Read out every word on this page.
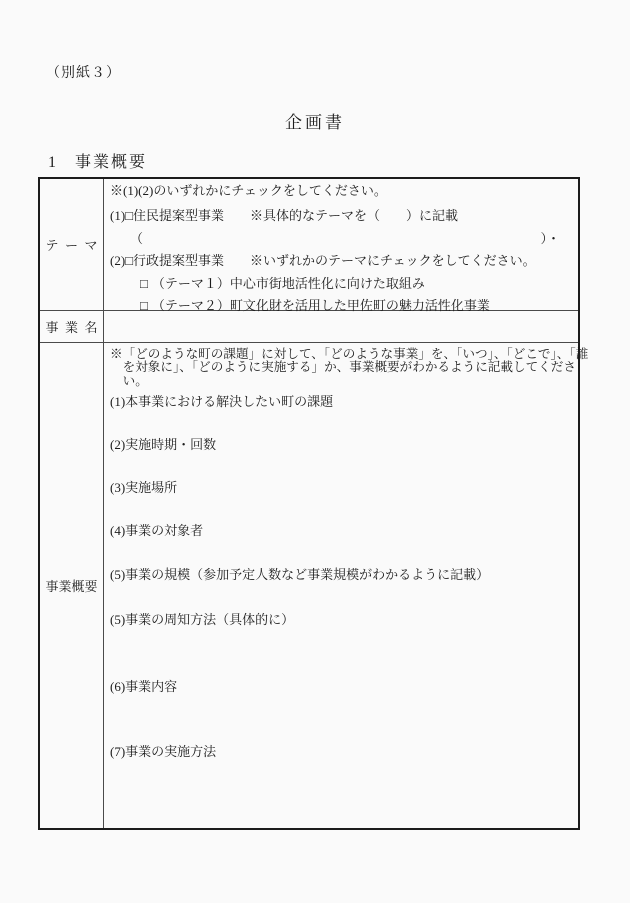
（別紙３）
企画書
1 事業概要
テーマ
※(1)(2)のいずれかにチェックをしてください。
(1)□住民提案型事業　　※具体的なテーマを（　　）に記載
（	）・
(2)□行政提案型事業　　※いずれかのテーマにチェックをしてください。
□ （テーマ１）中心市街地活性化に向けた取組み
□ （テーマ２）町文化財を活用した甲佐町の魅力活性化事業
事業名
事業概要
※「どのような町の課題」に対して、「どのような事業」を、「いつ」、「どこで」、「誰
　を対象に」、「どのように実施する」か、事業概要がわかるように記載してくださ
　い。
(1)本事業における解決したい町の課題
(2)実施時期・回数
(3)実施場所
(4)事業の対象者
(5)事業の規模（参加予定人数など事業規模がわかるように記載）
(5)事業の周知方法（具体的に）
(6)事業内容
(7)事業の実施方法
